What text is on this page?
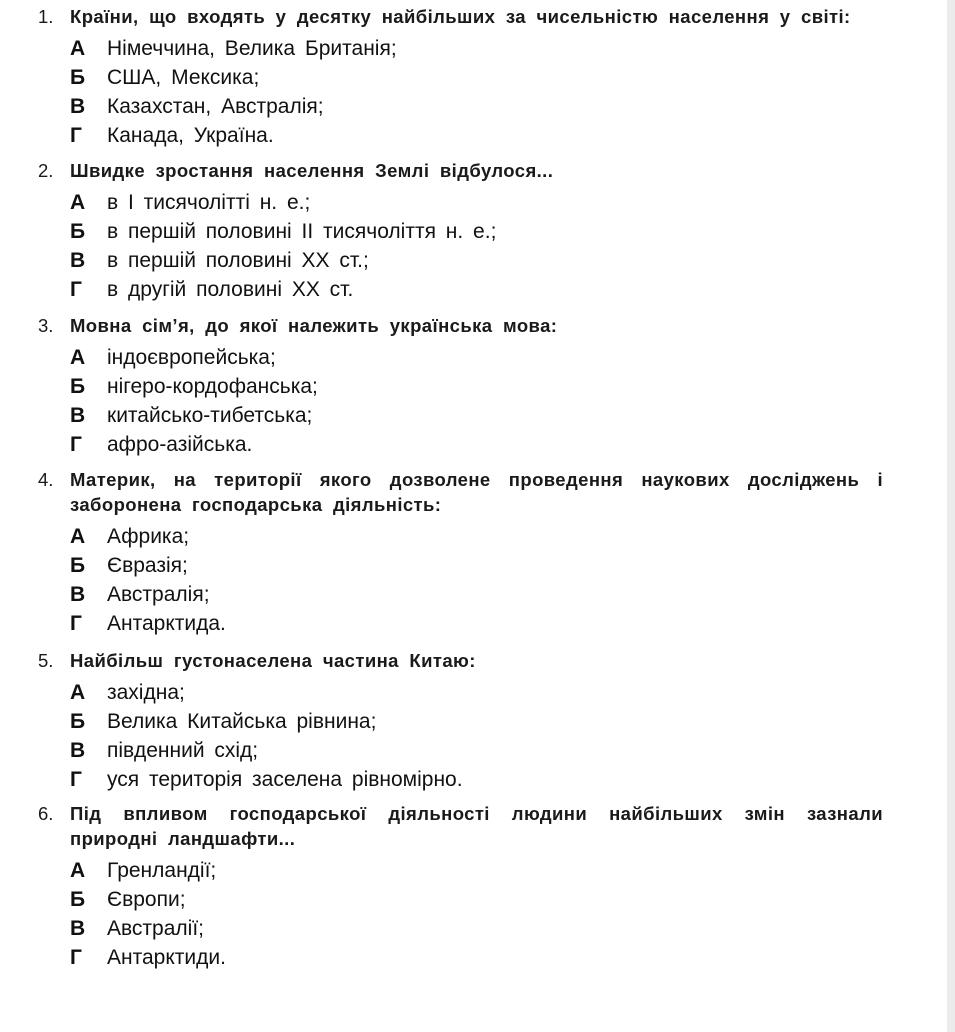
1. Країни, що входять у десятку найбільших за чисельністю населення у світі:
А Німеччина, Велика Британія;
Б США, Мексика;
В Казахстан, Австралія;
Г Канада, Україна.
2. Швидке зростання населення Землі відбулося...
А в І тисячолітті н. е.;
Б в першій половині ІІ тисячоліття н. е.;
В в першій половині ХХ ст.;
Г в другій половині ХХ ст.
3. Мовна сім’я, до якої належить українська мова:
А індоєвропейська;
Б нігеро-кордофанська;
В китайсько-тибетська;
Г афро-азійська.
4. Материк, на території якого дозволене проведення наукових досліджень і заборонена господарська діяльність:
А Африка;
Б Євразія;
В Австралія;
Г Антарктида.
5. Найбільш густонаселена частина Китаю:
А західна;
Б Велика Китайська рівнина;
В південний схід;
Г уся територія заселена рівномірно.
6. Під впливом господарської діяльності людини найбільших змін зазнали природні ландшафти...
А Гренландії;
Б Європи;
В Австралії;
Г Антарктиди.
